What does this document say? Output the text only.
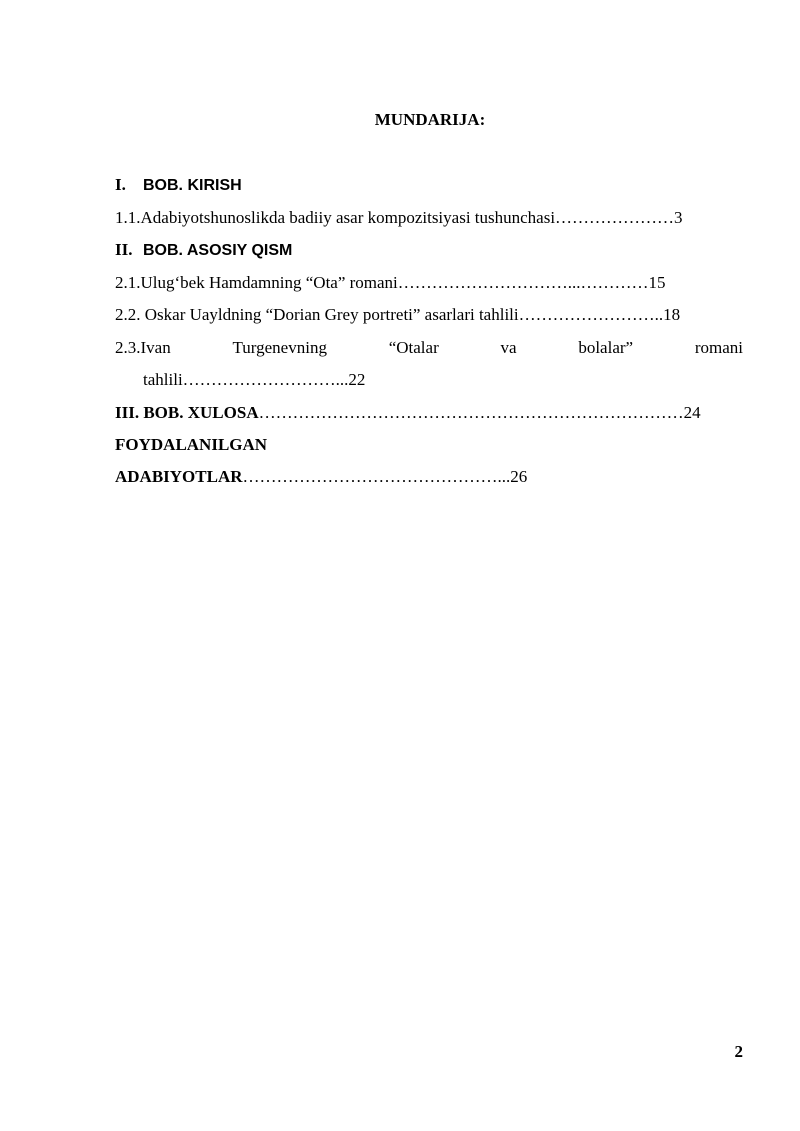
MUNDARIJA:
I. BOB. KIRISH
1.1.Adabiyotshunoslikda badiiy asar kompozitsiyasi tushunchasi…………………3
II. BOB. ASOSIY QISM
2.1.Ulug‘bek Hamdamning “Ota” romani…………………………...…………15
2.2. Oskar Uayldning “Dorian Grey portreti” asarlari tahlili……………………..18
2.3.Ivan	Turgenevning	“Otalar	va	bolalar”	romani
tahlili………………………...22
III. BOB. XULOSA…………………………………………………………………24
FOYDALANILGAN
ADABIYOTLAR………………………………………...26
2
